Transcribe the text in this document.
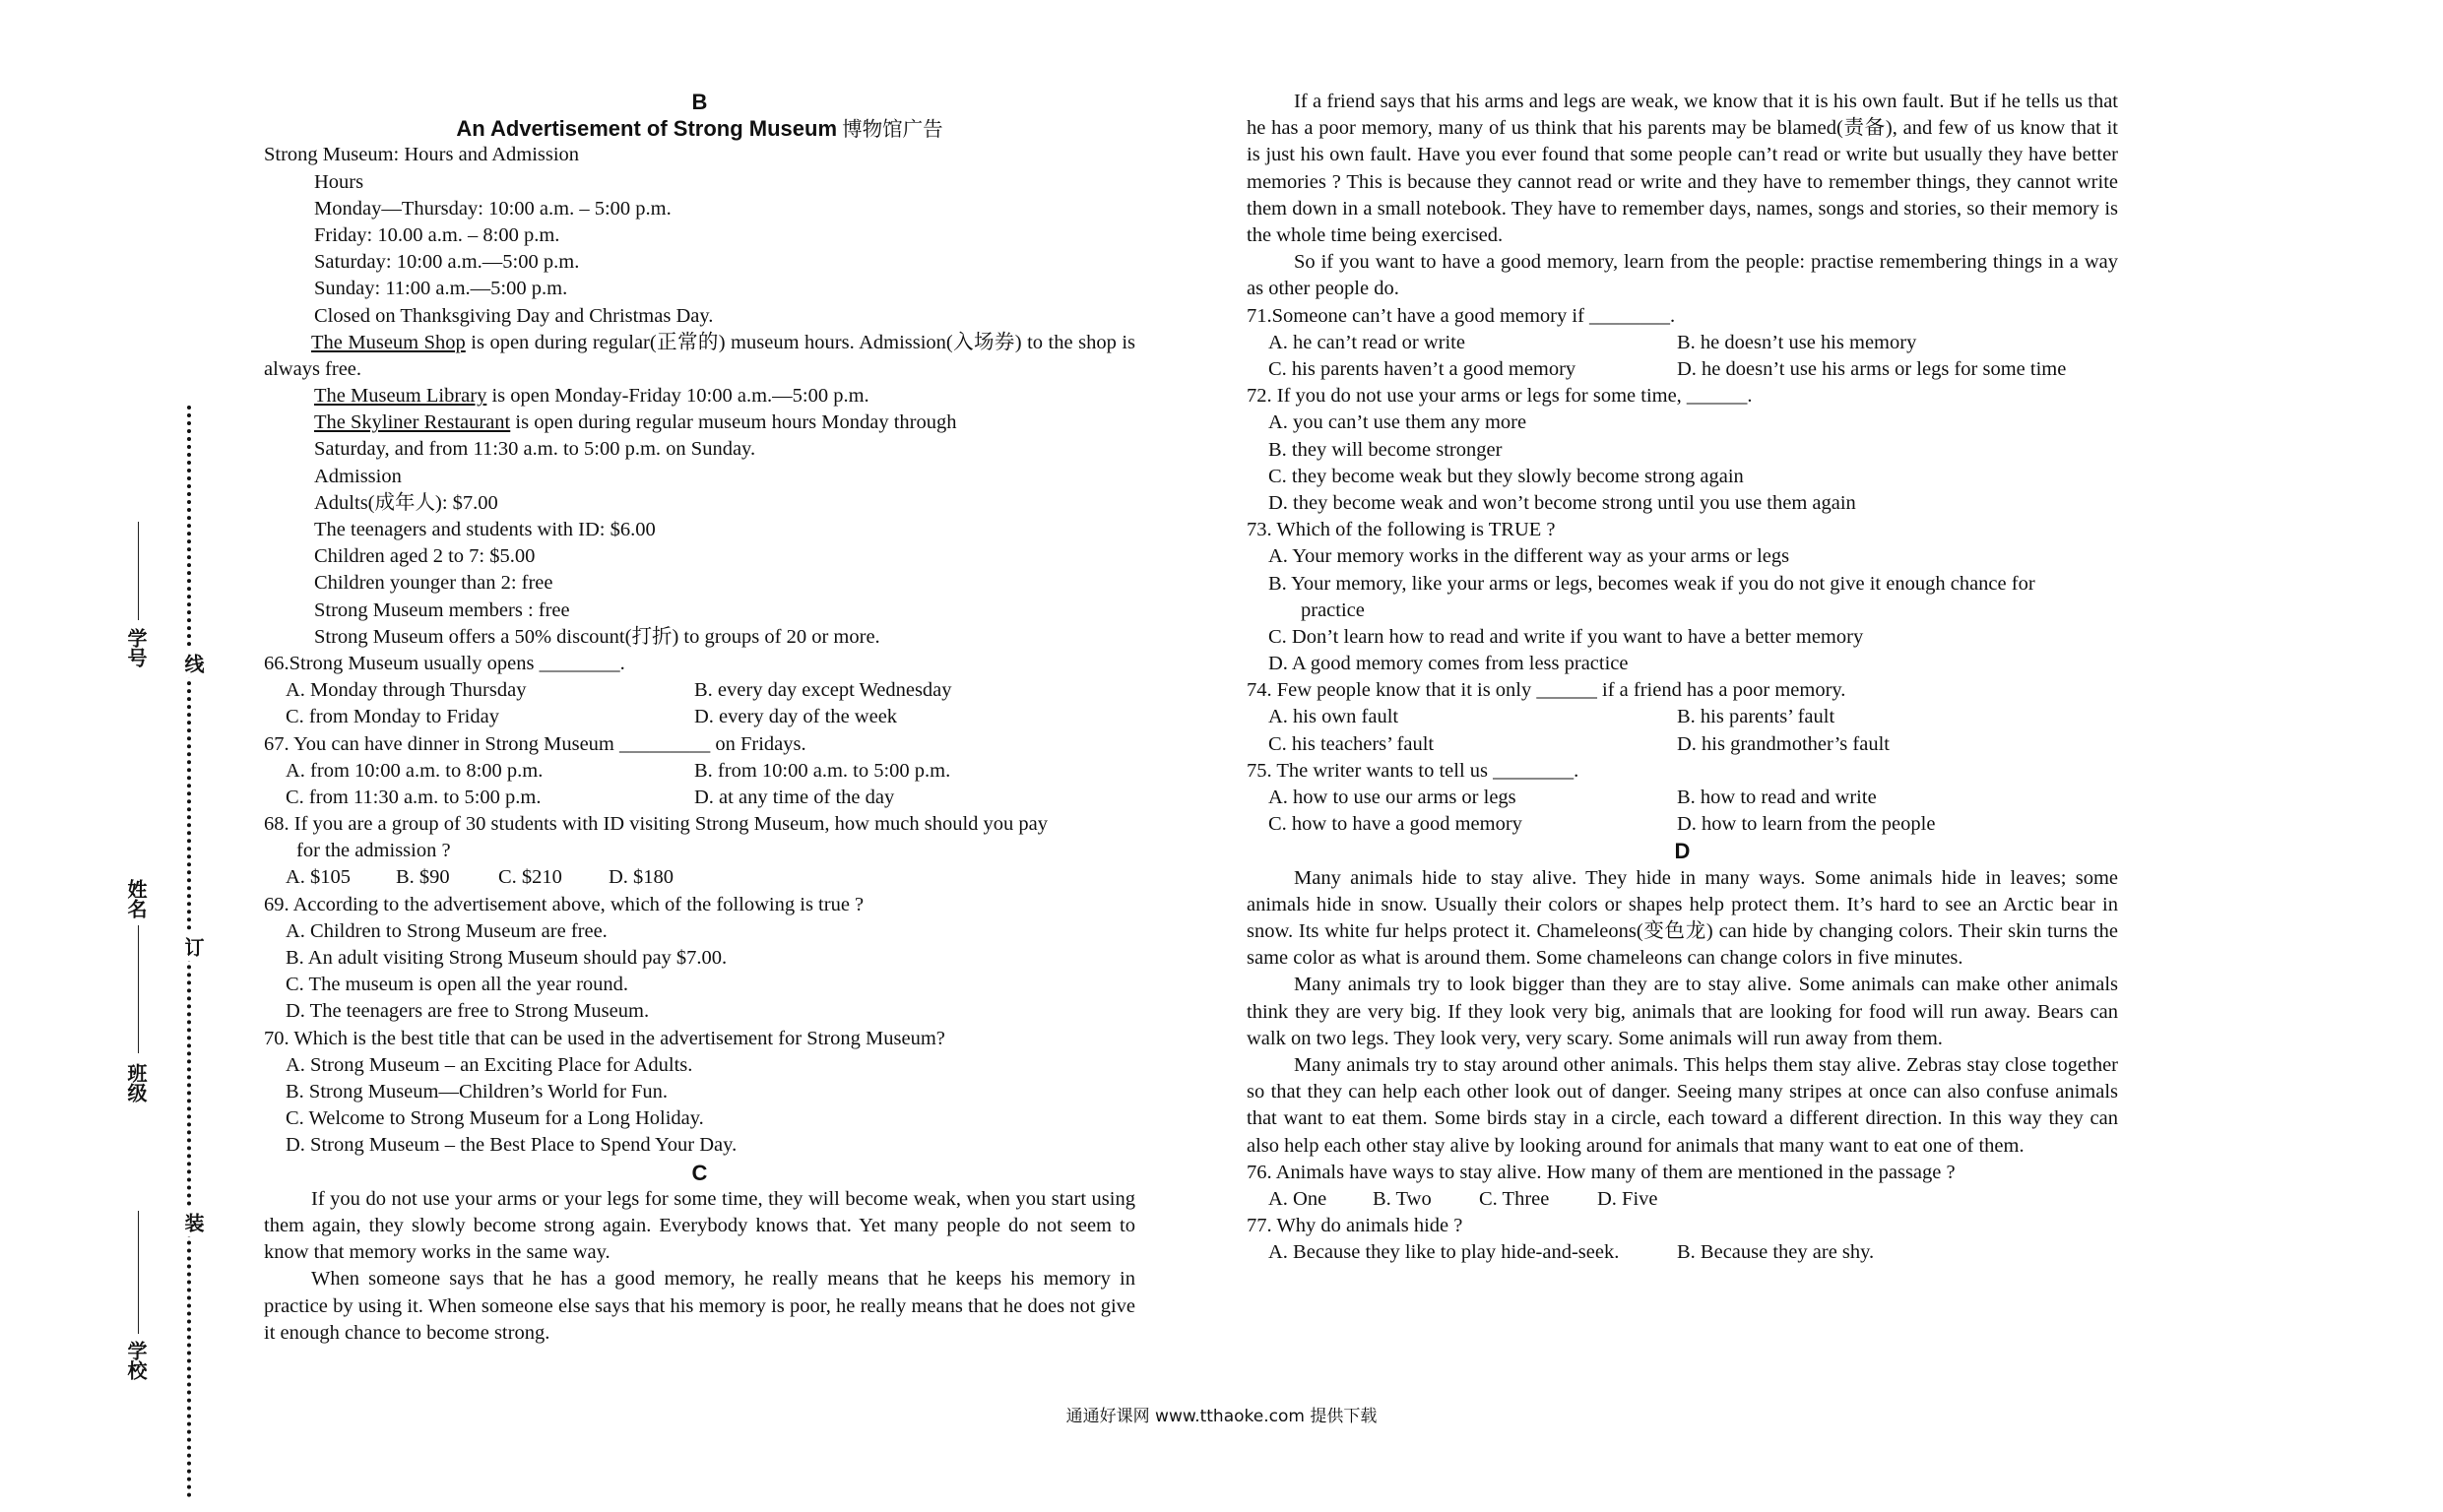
学号
姓名
班级
学校
线
订
装
B
An Advertisement of Strong Museum 博物馆广告
Strong Museum: Hours and Admission
Hours
Monday—Thursday: 10:00 a.m. – 5:00 p.m.
Friday: 10.00 a.m. – 8:00 p.m.
Saturday: 10:00 a.m.—5:00 p.m.
Sunday: 11:00 a.m.—5:00 p.m.
Closed on Thanksgiving Day and Christmas Day.
The Museum Shop is open during regular(正常的) museum hours. Admission(入场券) to the shop is always free.
The Museum Library is open Monday-Friday 10:00 a.m.—5:00 p.m.
The Skyliner Restaurant is open during regular museum hours Monday through
Saturday, and from 11:30 a.m. to 5:00 p.m. on Sunday.
Admission
Adults(成年人): $7.00
The teenagers and students with ID: $6.00
Children aged 2 to 7: $5.00
Children younger than 2: free
Strong Museum members : free
Strong Museum offers a 50% discount(打折) to groups of 20 or more.
66.Strong Museum usually opens ________.
A. Monday through Thursday	B. every day except Wednesday
C. from Monday to Friday	D. every day of the week
67. You can have dinner in Strong Museum _________ on Fridays.
A. from 10:00 a.m. to 8:00 p.m.	B. from 10:00 a.m. to 5:00 p.m.
C. from 11:30 a.m. to 5:00 p.m.	D. at any time of the day
68. If you are a group of 30 students with ID visiting Strong Museum, how much should you pay
for the admission ?
A. $105 B. $90 C. $210 D. $180
69. According to the advertisement above, which of the following is true ?
A. Children to Strong Museum are free.
B. An adult visiting Strong Museum should pay $7.00.
C. The museum is open all the year round.
D. The teenagers are free to Strong Museum.
70. Which is the best title that can be used in the advertisement for Strong Museum?
A. Strong Museum – an Exciting Place for Adults.
B. Strong Museum—Children’s World for Fun.
C. Welcome to Strong Museum for a Long Holiday.
D. Strong Museum – the Best Place to Spend Your Day.
C
If you do not use your arms or your legs for some time, they will become weak, when you start using them again, they slowly become strong again. Everybody knows that. Yet many people do not seem to know that memory works in the same way.
When someone says that he has a good memory, he really means that he keeps his memory in practice by using it. When someone else says that his memory is poor, he really means that he does not give it enough chance to become strong.
If a friend says that his arms and legs are weak, we know that it is his own fault. But if he tells us that he has a poor memory, many of us think that his parents may be blamed(责备), and few of us know that it is just his own fault. Have you ever found that some people can’t read or write but usually they have better memories ? This is because they cannot read or write and they have to remember things, they cannot write them down in a small notebook. They have to remember days, names, songs and stories, so their memory is the whole time being exercised.
So if you want to have a good memory, learn from the people: practise remembering things in a way as other people do.
71.Someone can’t have a good memory if ________.
A. he can’t read or write	B. he doesn’t use his memory
C. his parents haven’t a good memory	D. he doesn’t use his arms or legs for some time
72. If you do not use your arms or legs for some time, ______.
A. you can’t use them any more
B. they will become stronger
C. they become weak but they slowly become strong again
D. they become weak and won’t become strong until you use them again
73. Which of the following is TRUE ?
A. Your memory works in the different way as your arms or legs
B. Your memory, like your arms or legs, becomes weak if you do not give it enough chance for
practice
C. Don’t learn how to read and write if you want to have a better memory
D. A good memory comes from less practice
74. Few people know that it is only ______ if a friend has a poor memory.
A. his own fault	B. his parents’ fault
C. his teachers’ fault	D. his grandmother’s fault
75. The writer wants to tell us ________.
A. how to use our arms or legs	B. how to read and write
C. how to have a good memory	D. how to learn from the people
D
Many animals hide to stay alive. They hide in many ways. Some animals hide in leaves; some animals hide in snow. Usually their colors or shapes help protect them. It’s hard to see an Arctic bear in snow. Its white fur helps protect it. Chameleons(变色龙) can hide by changing colors. Their skin turns the same color as what is around them. Some chameleons can change colors in five minutes.
Many animals try to look bigger than they are to stay alive. Some animals can make other animals think they are very big. If they look very big, animals that are looking for food will run away. Bears can walk on two legs. They look very, very scary. Some animals will run away from them.
Many animals try to stay around other animals. This helps them stay alive. Zebras stay close together so that they can help each other look out of danger. Seeing many stripes at once can also confuse animals that want to eat them. Some birds stay in a circle, each toward a different direction. In this way they can also help each other stay alive by looking around for animals that many want to eat one of them.
76. Animals have ways to stay alive. How many of them are mentioned in the passage ?
A. One B. Two C. Three D. Five
77. Why do animals hide ?
A. Because they like to play hide-and-seek.	B. Because they are shy.
通通好课网 www.tthaoke.com 提供下载
